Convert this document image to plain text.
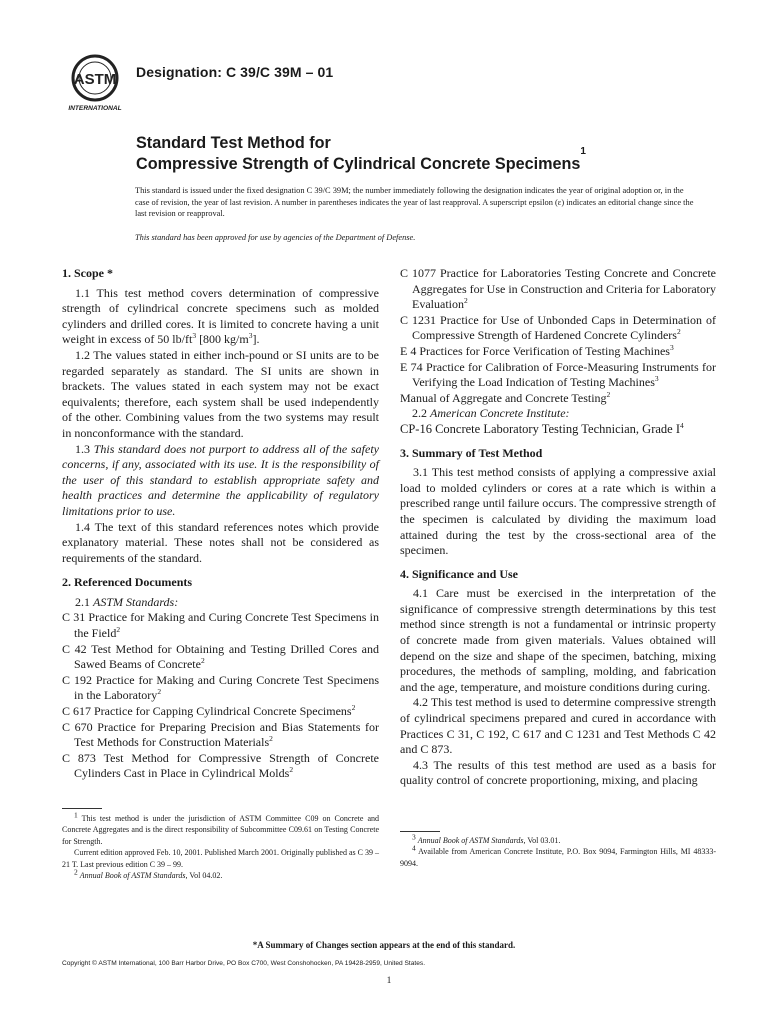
ASTM
INTERNATIONAL
Designation: C 39/C 39M – 01
Standard Test Method for
Compressive Strength of Cylindrical Concrete Specimens$^1$
This standard is issued under the fixed designation C 39/C 39M; the number immediately following the designation indicates the year of original adoption or, in the case of revision, the year of last revision. A number in parentheses indicates the year of last reapproval. A superscript epsilon (ε) indicates an editorial change since the last revision or reapproval.
This standard has been approved for use by agencies of the Department of Defense.

1. Scope *

1.1 This test method covers determination of compressive strength of cylindrical concrete specimens such as molded cylinders and drilled cores. It is limited to concrete having a unit weight in excess of 50 $lb/ft^3$ [800 $kg/m^3$].

1.2 The values stated in either inch-pound or SI units are to be regarded separately as standard. The SI units are shown in brackets. The values stated in each system may not be exact equivalents; therefore, each system shall be used independently of the other. Combining values from the two systems may result in nonconformance with the standard.

1.3 This standard does not purport to address all of the safety concerns, if any, associated with its use. It is the responsibility of the user of this standard to establish appropriate safety and health practices and determine the applicability of regulatory limitations prior to use.

1.4 The text of this standard references notes which provide explanatory material. These notes shall not be considered as requirements of the standard.

2. Referenced Documents

2.1 ASTM Standards:

C 31 Practice for Making and Curing Concrete Test Specimens in the Field$^2$

C 42 Test Method for Obtaining and Testing Drilled Cores and Sawed Beams of Concrete$^2$

C 192 Practice for Making and Curing Concrete Test Specimens in the Laboratory$^2$

C 617 Practice for Capping Cylindrical Concrete Specimens$^2$

C 670 Practice for Preparing Precision and Bias Statements for Test Methods for Construction Materials$^2$

C 873 Test Method for Compressive Strength of Concrete Cylinders Cast in Place in Cylindrical Molds$^2$

$^1$ This test method is under the jurisdiction of ASTM Committee C09 on Concrete and Concrete Aggregates and is the direct responsibility of Subcommittee C09.61 on Testing Concrete for Strength.

Current edition approved Feb. 10, 2001. Published March 2001. Originally published as C 39 – 21 T. Last previous edition C 39 – 99.

$^2$ Annual Book of ASTM Standards, Vol 04.02.

C 1077 Practice for Laboratories Testing Concrete and Concrete Aggregates for Use in Construction and Criteria for Laboratory Evaluation$^2$

C 1231 Practice for Use of Unbonded Caps in Determination of Compressive Strength of Hardened Concrete Cylinders$^2$

E 4 Practices for Force Verification of Testing Machines$^3$

E 74 Practice for Calibration of Force-Measuring Instruments for Verifying the Load Indication of Testing Machines$^3$

Manual of Aggregate and Concrete Testing$^2$

2.2 American Concrete Institute:

CP-16 Concrete Laboratory Testing Technician, Grade $I^4$

3. Summary of Test Method

3.1 This test method consists of applying a compressive axial load to molded cylinders or cores at a rate which is within a prescribed range until failure occurs. The compressive strength of the specimen is calculated by dividing the maximum load attained during the test by the cross-sectional area of the specimen.

4. Significance and Use

4.1 Care must be exercised in the interpretation of the significance of compressive strength determinations by this test method since strength is not a fundamental or intrinsic property of concrete made from given materials. Values obtained will depend on the size and shape of the specimen, batching, mixing procedures, the methods of sampling, molding, and fabrication and the age, temperature, and moisture conditions during curing.

4.2 This test method is used to determine compressive strength of cylindrical specimens prepared and cured in accordance with Practices C 31, C 192, C 617 and C 1231 and Test Methods C 42 and C 873.

4.3 The results of this test method are used as a basis for quality control of concrete proportioning, mixing, and placing

$^3$ Annual Book of ASTM Standards, Vol 03.01.

$^4$ Available from American Concrete Institute, P.O. Box 9094, Farmington Hills, MI 48333-9094.

*A Summary of Changes section appears at the end of this standard.
Copyright © ASTM International, 100 Barr Harbor Drive, PO Box C700, West Conshohocken, PA 19428-2959, United States.
1
